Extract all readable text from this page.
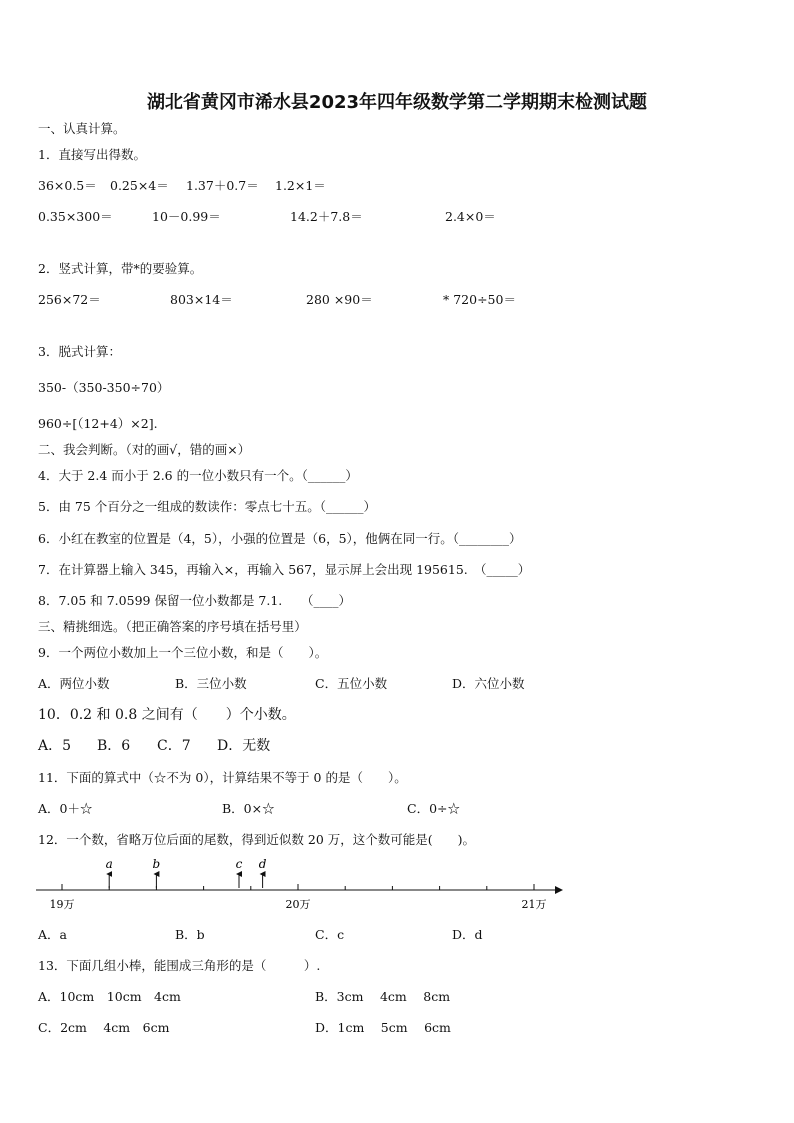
湖北省黄冈市浠水县2023年四年级数学第二学期期末检测试题
一、认真计算。
1．直接写出得数。
36×0.5＝ 0.25×4＝ 1.37＋0.7＝ 1.2×1＝
0.35×300＝	10－0.99＝	14.2＋7.8＝	2.4×0＝
2．竖式计算，带*的要验算。
256×72＝	803×14＝	280 ×90＝	* 720÷50＝
3．脱式计算：
350-（350-350÷70）
960÷[（12+4）×2].
二、我会判断。（对的画√，错的画×）
4．大于 2.4 而小于 2.6 的一位小数只有一个。（______）
5．由 75 个百分之一组成的数读作：零点七十五。（______）
6．小红在教室的位置是（4，5），小强的位置是（6，5），他俩在同一行。（________）
7．在计算器上输入 345，再输入×，再输入 567，显示屏上会出现 195615.　（_____）
8．7.05 和 7.0599 保留一位小数都是 7.1.　　（____）
三、精挑细选。（把正确答案的序号填在括号里）
9．一个两位小数加上一个三位小数，和是（　　）。
A．两位小数	B．三位小数	C．五位小数	D．六位小数
10．0.2 和 0.8 之间有（　　）个小数。
A．5 B．6 C．7 D．无数
11．下面的算式中（☆不为 0），计算结果不等于 0 的是（　　）。
A．0＋☆	B．0×☆	C．0÷☆
12．一个数，省略万位后面的尾数，得到近似数 20 万，这个数可能是(　　)。
19万	20万	21万
a	b	c d
A．a	B．b	C．c	D．d
13．下面几组小棒，能围成三角形的是（　　　）.
A．10cm　10cm　4cm	B．3cm　 4cm　 8cm
C．2cm　 4cm　6cm	D．1cm　 5cm　 6cm
